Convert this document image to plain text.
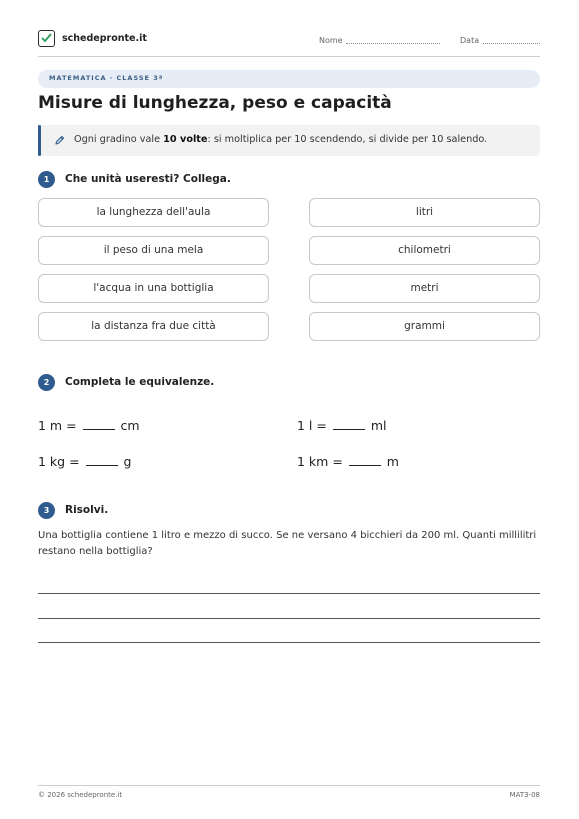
schedepronte.it	Nome	Data
MATEMATICA · CLASSE 3ª
Misure di lunghezza, peso e capacità
Ogni gradino vale 10 volte: si moltiplica per 10 scendendo, si divide per 10 salendo.
1	Che unità useresti? Collega.
la lunghezza dell'aula
il peso di una mela
l'acqua in una bottiglia
la distanza fra due città
litri
chilometri
metri
grammi
2	Completa le equivalenze.
1 m =	cm	1 l =	ml
1 kg =	g	1 km =	m
3	Risolvi.
Una bottiglia contiene 1 litro e mezzo di succo. Se ne versano 4 bicchieri da 200 ml. Quanti millilitri restano nella bottiglia?
© 2026 schedepronte.it	MAT3-08
